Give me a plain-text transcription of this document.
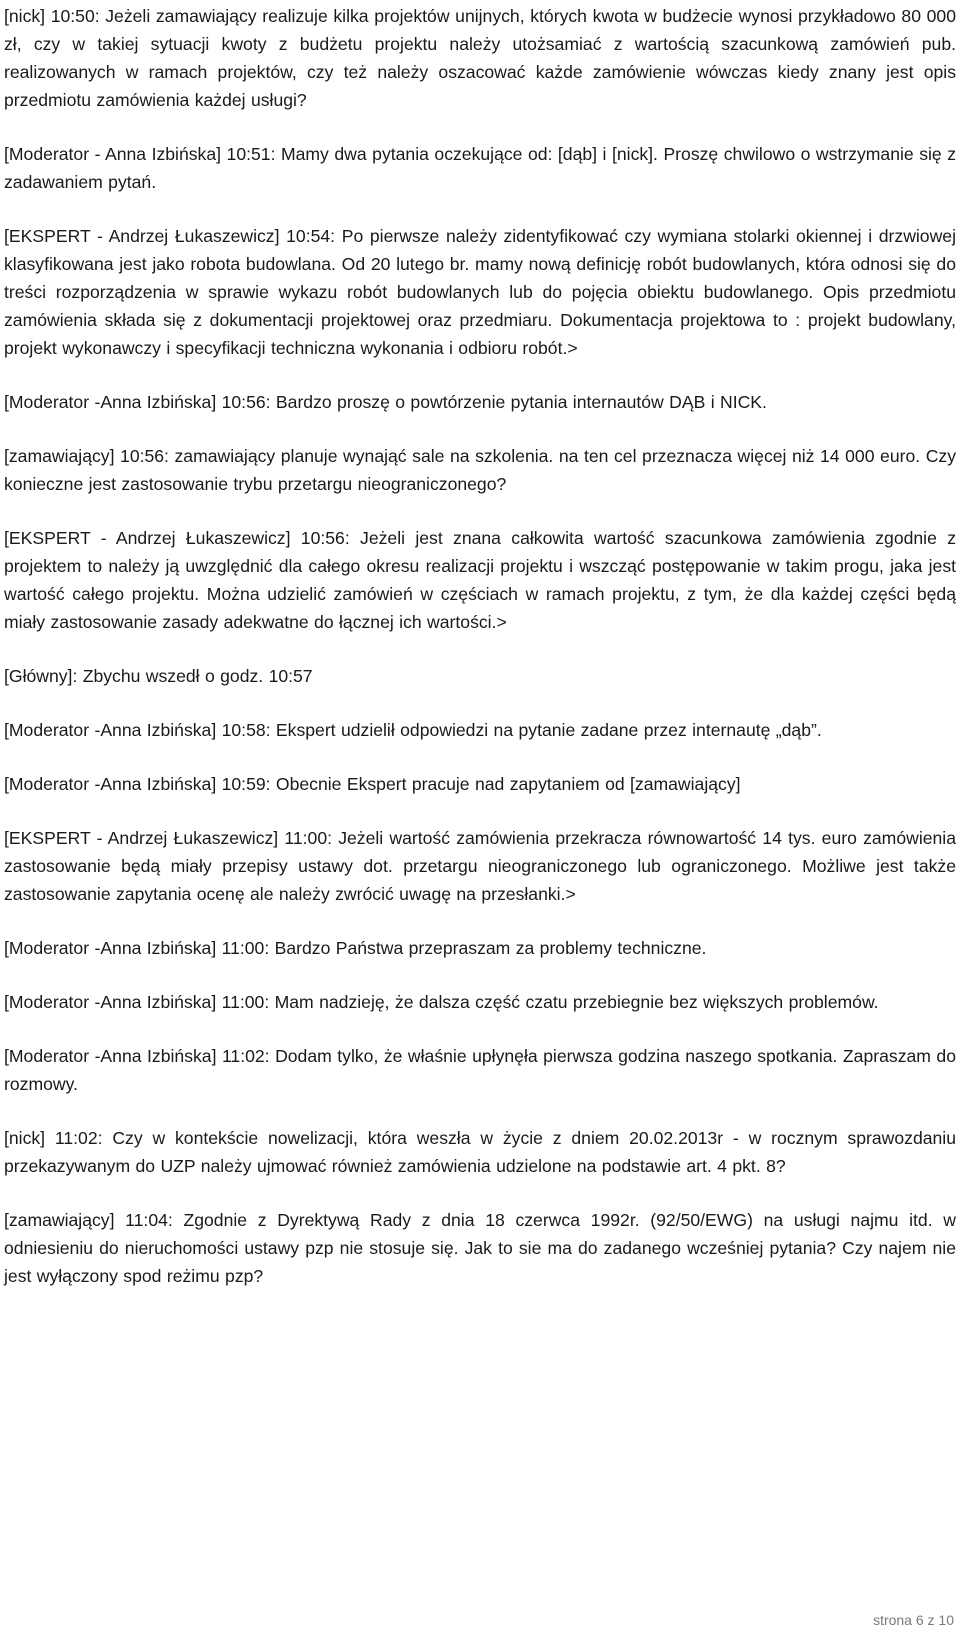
[nick] 10:50: Jeżeli zamawiający realizuje kilka projektów unijnych, których kwota w budżecie wynosi przykładowo 80 000 zł, czy w takiej sytuacji kwoty z budżetu projektu należy utożsamiać z wartością szacunkową zamówień pub. realizowanych w ramach projektów, czy też należy oszacować każde zamówienie wówczas kiedy znany jest opis przedmiotu zamówienia każdej usługi?

[Moderator - Anna Izbińska] 10:51: Mamy dwa pytania oczekujące od: [dąb] i [nick]. Proszę chwilowo o wstrzymanie się z zadawaniem pytań.

[EKSPERT - Andrzej Łukaszewicz] 10:54: Po pierwsze należy zidentyfikować czy wymiana stolarki okiennej i drzwiowej klasyfikowana jest jako robota budowlana. Od 20 lutego br. mamy nową definicję robót budowlanych, która odnosi się do treści rozporządzenia w sprawie wykazu robót budowlanych lub do pojęcia obiektu budowlanego. Opis przedmiotu zamówienia składa się z dokumentacji projektowej oraz przedmiaru. Dokumentacja projektowa to : projekt budowlany, projekt wykonawczy i specyfikacji techniczna wykonania i odbioru robót.>

[Moderator -Anna Izbińska] 10:56: Bardzo proszę o powtórzenie pytania internautów DĄB i NICK.

[zamawiający] 10:56: zamawiający planuje wynająć sale na szkolenia. na ten cel przeznacza więcej niż 14 000 euro. Czy konieczne jest zastosowanie trybu przetargu nieograniczonego?

[EKSPERT - Andrzej Łukaszewicz] 10:56: Jeżeli jest znana całkowita wartość szacunkowa zamówienia zgodnie z projektem to należy ją uwzględnić dla całego okresu realizacji projektu i wszcząć postępowanie w takim progu, jaka jest wartość całego projektu. Można udzielić zamówień w częściach w ramach projektu, z tym, że dla każdej części będą miały zastosowanie zasady adekwatne do łącznej ich wartości.>

[Główny]: Zbychu wszedł o godz. 10:57

[Moderator -Anna Izbińska] 10:58: Ekspert udzielił odpowiedzi na pytanie zadane przez internautę „dąb”.

[Moderator -Anna Izbińska] 10:59: Obecnie Ekspert pracuje nad zapytaniem od [zamawiający]

[EKSPERT - Andrzej Łukaszewicz] 11:00: Jeżeli wartość zamówienia przekracza równowartość 14 tys. euro zamówienia zastosowanie będą miały przepisy ustawy dot. przetargu nieograniczonego lub ograniczonego. Możliwe jest także zastosowanie zapytania ocenę ale należy zwrócić uwagę na przesłanki.>

[Moderator -Anna Izbińska] 11:00: Bardzo Państwa przepraszam za problemy techniczne.

[Moderator -Anna Izbińska] 11:00: Mam nadzieję, że dalsza część czatu przebiegnie bez większych problemów.

[Moderator -Anna Izbińska] 11:02: Dodam tylko, że właśnie upłynęła pierwsza godzina naszego spotkania. Zapraszam do rozmowy.

[nick] 11:02: Czy w kontekście nowelizacji, która weszła w życie z dniem 20.02.2013r - w rocznym sprawozdaniu przekazywanym do UZP należy ujmować również zamówienia udzielone na podstawie art. 4 pkt. 8?

[zamawiający] 11:04: Zgodnie z Dyrektywą Rady z dnia 18 czerwca 1992r. (92/50/EWG) na usługi najmu itd. w odniesieniu do nieruchomości ustawy pzp nie stosuje się. Jak to sie ma do zadanego wcześniej pytania? Czy najem nie jest wyłączony spod reżimu pzp?

strona 6 z 10
